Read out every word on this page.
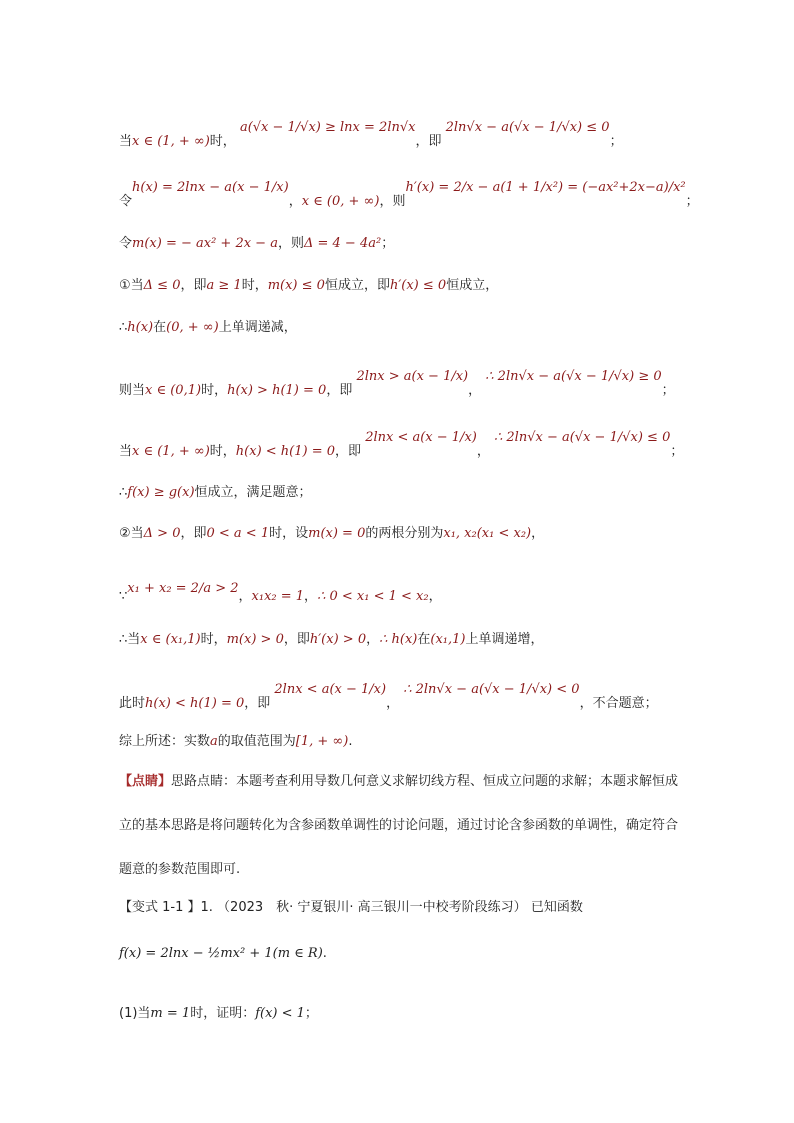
当x ∈ (1, + ∞)时， a(√x − 1/√x) ≥ lnx = 2ln√x，即 2ln√x − a(√x − 1/√x) ≤ 0；
令h(x) = 2lnx − a(x − 1/x)，x ∈ (0, + ∞)，则h′(x) = 2/x − a(1 + 1/x²) = (−ax²+2x−a)/x²；
令m(x) = − ax² + 2x − a，则Δ = 4 − 4a²；
①当Δ ≤ 0，即a ≥ 1时，m(x) ≤ 0恒成立，即h′(x) ≤ 0恒成立，
∴h(x)在(0, + ∞)上单调递减，
则当x ∈ (0,1)时，h(x) > h(1) = 0，即 2lnx > a(x − 1/x)， ∴ 2ln√x − a(√x − 1/√x) ≥ 0；
当x ∈ (1, + ∞)时，h(x) < h(1) = 0，即 2lnx < a(x − 1/x)， ∴ 2ln√x − a(√x − 1/√x) ≤ 0；
∴f(x) ≥ g(x)恒成立，满足题意；
②当Δ > 0，即0 < a < 1时，设m(x) = 0的两根分别为x₁, x₂(x₁ < x₂)，
∵x₁ + x₂ = 2/a > 2，x₁x₂ = 1，∴ 0 < x₁ < 1 < x₂，
∴当x ∈ (x₁,1)时，m(x) > 0，即h′(x) > 0，∴ h(x)在(x₁,1)上单调递增，
此时h(x) < h(1) = 0，即 2lnx < a(x − 1/x)， ∴ 2ln√x − a(√x − 1/√x) < 0，不合题意；
综上所述：实数a的取值范围为[1, + ∞).
【点睛】思路点睛：本题考查利用导数几何意义求解切线方程、恒成立问题的求解；本题求解恒成立的基本思路是将问题转化为含参函数单调性的讨论问题，通过讨论含参函数的单调性，确定符合题意的参数范围即可.
【变式 1-1 】1. （2023　秋· 宁夏银川· 高三银川一中校考阶段练习） 已知函数
f(x) = 2lnx − ½mx² + 1(m ∈ R).
(1)当m = 1时，证明：f(x) < 1；
